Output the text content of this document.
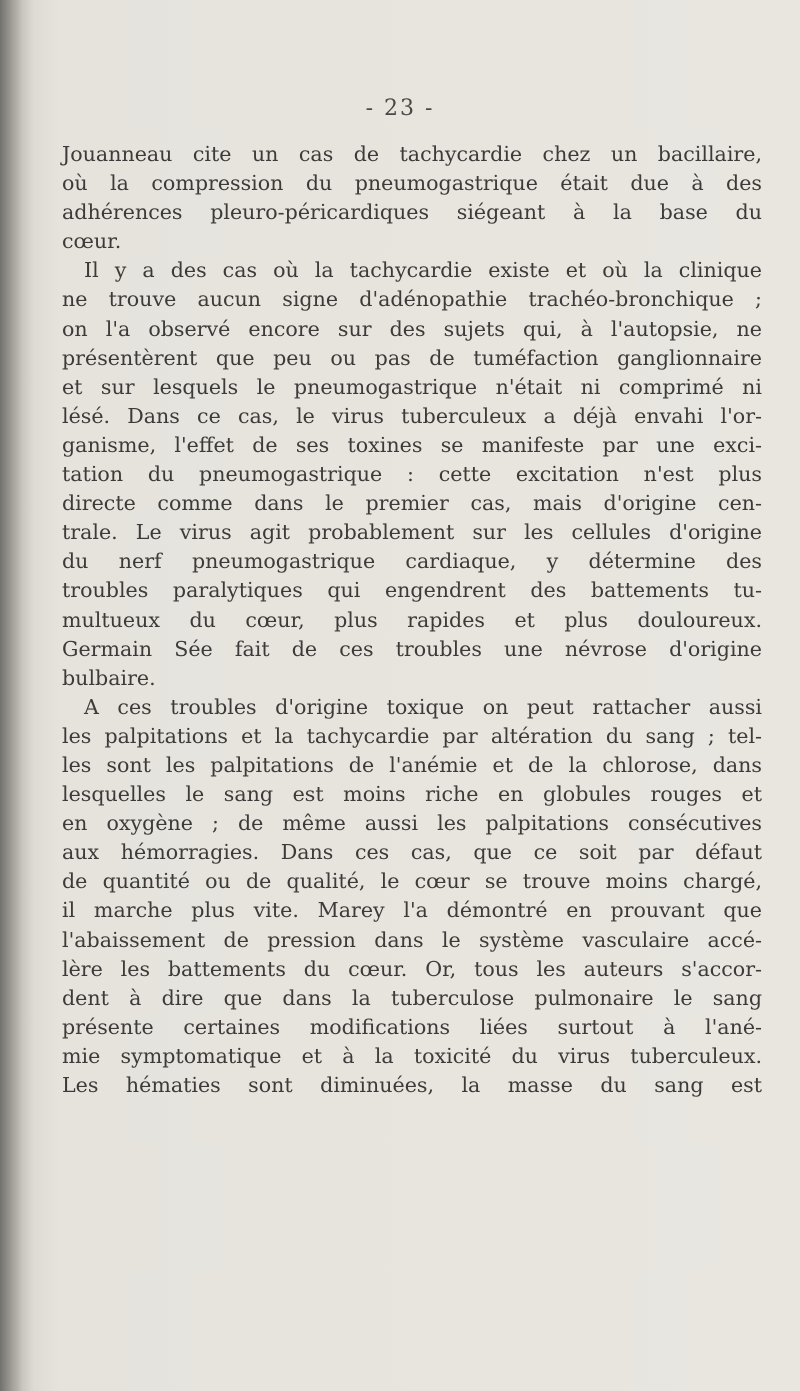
- 23 -
Jouanneau cite un cas de tachycardie chez un bacillaire,
où la compression du pneumogastrique était due à des
adhérences pleuro-péricardiques siégeant à la base du
cœur.
Il y a des cas où la tachycardie existe et où la clinique
ne trouve aucun signe d'adénopathie trachéo-bronchique ;
on l'a observé encore sur des sujets qui, à l'autopsie, ne
présentèrent que peu ou pas de tuméfaction ganglionnaire
et sur lesquels le pneumogastrique n'était ni comprimé ni
lésé. Dans ce cas, le virus tuberculeux a déjà envahi l'or-
ganisme, l'effet de ses toxines se manifeste par une exci-
tation du pneumogastrique : cette excitation n'est plus
directe comme dans le premier cas, mais d'origine cen-
trale. Le virus agit probablement sur les cellules d'origine
du nerf pneumogastrique cardiaque, y détermine des
troubles paralytiques qui engendrent des battements tu-
multueux du cœur, plus rapides et plus douloureux.
Germain Sée fait de ces troubles une névrose d'origine
bulbaire.
A ces troubles d'origine toxique on peut rattacher aussi
les palpitations et la tachycardie par altération du sang ; tel-
les sont les palpitations de l'anémie et de la chlorose, dans
lesquelles le sang est moins riche en globules rouges et
en oxygène ; de même aussi les palpitations consécutives
aux hémorragies. Dans ces cas, que ce soit par défaut
de quantité ou de qualité, le cœur se trouve moins chargé,
il marche plus vite. Marey l'a démontré en prouvant que
l'abaissement de pression dans le système vasculaire accé-
lère les battements du cœur. Or, tous les auteurs s'accor-
dent à dire que dans la tuberculose pulmonaire le sang
présente certaines modifications liées surtout à l'ané-
mie symptomatique et à la toxicité du virus tuberculeux.
Les hématies sont diminuées, la masse du sang est
